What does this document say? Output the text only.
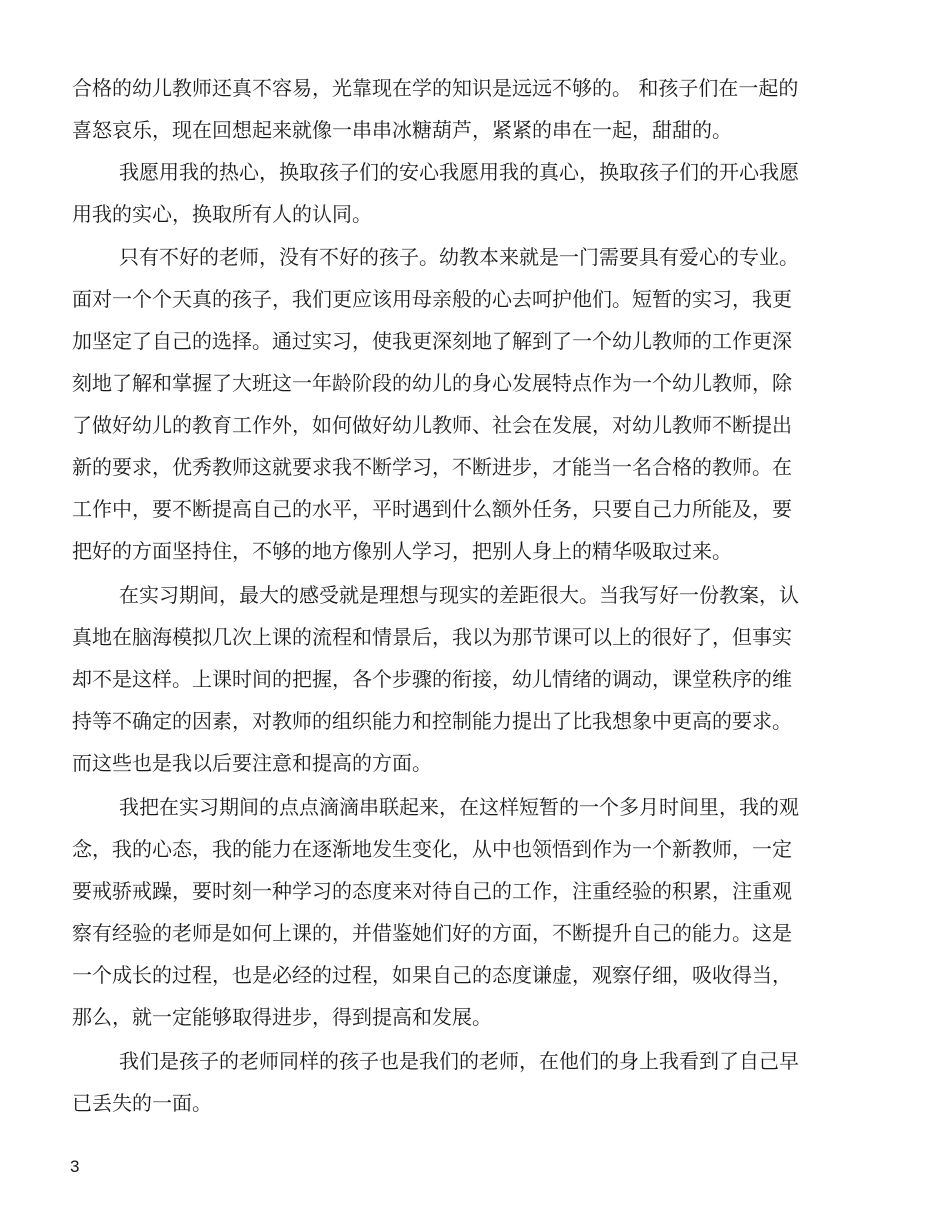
合格的幼儿教师还真不容易，光靠现在学的知识是远远不够的。 和孩子们在一起的
喜怒哀乐，现在回想起来就像一串串冰糖葫芦，紧紧的串在一起，甜甜的。
我愿用我的热心，换取孩子们的安心我愿用我的真心，换取孩子们的开心我愿
用我的实心，换取所有人的认同。
只有不好的老师，没有不好的孩子。幼教本来就是一门需要具有爱心的专业。
面对一个个天真的孩子，我们更应该用母亲般的心去呵护他们。短暂的实习，我更
加坚定了自己的选择。通过实习，使我更深刻地了解到了一个幼儿教师的工作更深
刻地了解和掌握了大班这一年龄阶段的幼儿的身心发展特点作为一个幼儿教师，除
了做好幼儿的教育工作外，如何做好幼儿教师、社会在发展，对幼儿教师不断提出
新的要求，优秀教师这就要求我不断学习，不断进步，才能当一名合格的教师。在
工作中，要不断提高自己的水平，平时遇到什么额外任务，只要自己力所能及，要
把好的方面坚持住，不够的地方像别人学习，把别人身上的精华吸取过来。
在实习期间，最大的感受就是理想与现实的差距很大。当我写好一份教案，认
真地在脑海模拟几次上课的流程和情景后，我以为那节课可以上的很好了，但事实
却不是这样。上课时间的把握，各个步骤的衔接，幼儿情绪的调动，课堂秩序的维
持等不确定的因素，对教师的组织能力和控制能力提出了比我想象中更高的要求。
而这些也是我以后要注意和提高的方面。
我把在实习期间的点点滴滴串联起来，在这样短暂的一个多月时间里，我的观
念，我的心态，我的能力在逐渐地发生变化，从中也领悟到作为一个新教师，一定
要戒骄戒躁，要时刻一种学习的态度来对待自己的工作，注重经验的积累，注重观
察有经验的老师是如何上课的，并借鉴她们好的方面，不断提升自己的能力。这是
一个成长的过程，也是必经的过程，如果自己的态度谦虚，观察仔细，吸收得当，
那么，就一定能够取得进步，得到提高和发展。
我们是孩子的老师同样的孩子也是我们的老师，在他们的身上我看到了自己早
已丢失的一面。
3
